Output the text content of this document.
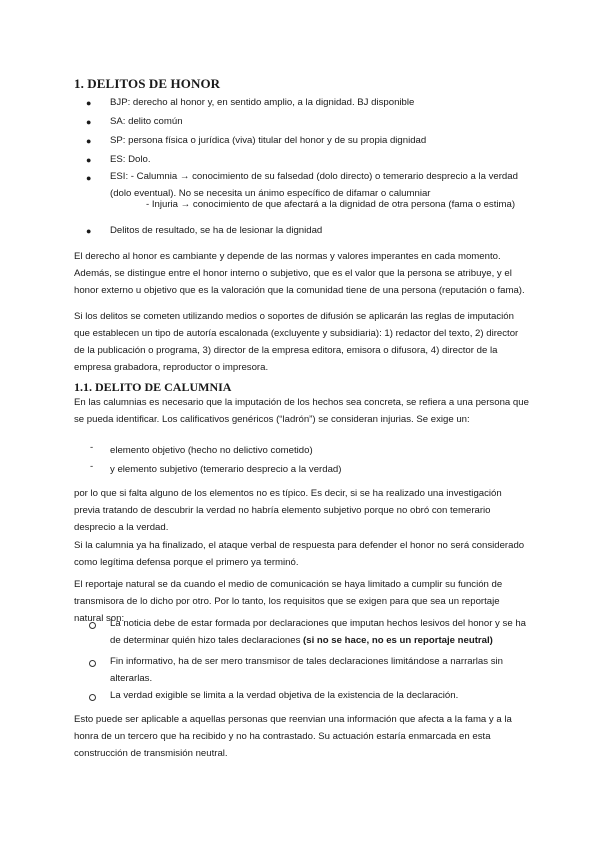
1. DELITOS DE HONOR
● BJP: derecho al honor y, en sentido amplio, a la dignidad. BJ disponible
● SA: delito común
● SP: persona física o jurídica (viva) titular del honor y de su propia dignidad
● ES: Dolo.
● ESI: - Calumnia → conocimiento de su falsedad (dolo directo) o temerario desprecio a la verdad (dolo eventual). No se necesita un ánimo específico de difamar o calumniar
- Injuria → conocimiento de que afectará a la dignidad de otra persona (fama o estima)
● Delitos de resultado, se ha de lesionar la dignidad

El derecho al honor es cambiante y depende de las normas y valores imperantes en cada momento. Además, se distingue entre el honor interno o subjetivo, que es el valor que la persona se atribuye, y el honor externo u objetivo que es la valoración que la comunidad tiene de una persona (reputación o fama).

Si los delitos se cometen utilizando medios o soportes de difusión se aplicarán las reglas de imputación que establecen un tipo de autoría escalonada (excluyente y subsidiaria): 1) redactor del texto, 2) director de la publicación o programa, 3) director de la empresa editora, emisora o difusora, 4) director de la empresa grabadora, reproductor o impresora.

1.1. DELITO DE CALUMNIA

En las calumnias es necesario que la imputación de los hechos sea concreta, se refiera a una persona que se pueda identificar. Los calificativos genéricos (“ladrón”) se consideran injurias. Se exige un:

- elemento objetivo (hecho no delictivo cometido)
- y elemento subjetivo (temerario desprecio a la verdad)

por lo que si falta alguno de los elementos no es típico. Es decir, si se ha realizado una investigación previa tratando de descubrir la verdad no habría elemento subjetivo porque no obró con temerario desprecio a la verdad.

Si la calumnia ya ha finalizado, el ataque verbal de respuesta para defender el honor no será considerado como legítima defensa porque el primero ya terminó.

El reportaje natural se da cuando el medio de comunicación se haya limitado a cumplir su función de transmisora de lo dicho por otro. Por lo tanto, los requisitos que se exigen para que sea un reportaje natural son:

La noticia debe de estar formada por declaraciones que imputan hechos lesivos del honor y se ha de determinar quién hizo tales declaraciones (si no se hace, no es un reportaje neutral)
Fin informativo, ha de ser mero transmisor de tales declaraciones limitándose a narrarlas sin alterarlas.
La verdad exigible se limita a la verdad objetiva de la existencia de la declaración.

Esto puede ser aplicable a aquellas personas que reenvian una información que afecta a la fama y a la honra de un tercero que ha recibido y no ha contrastado. Su actuación estaría enmarcada en esta construcción de transmisión neutral.
